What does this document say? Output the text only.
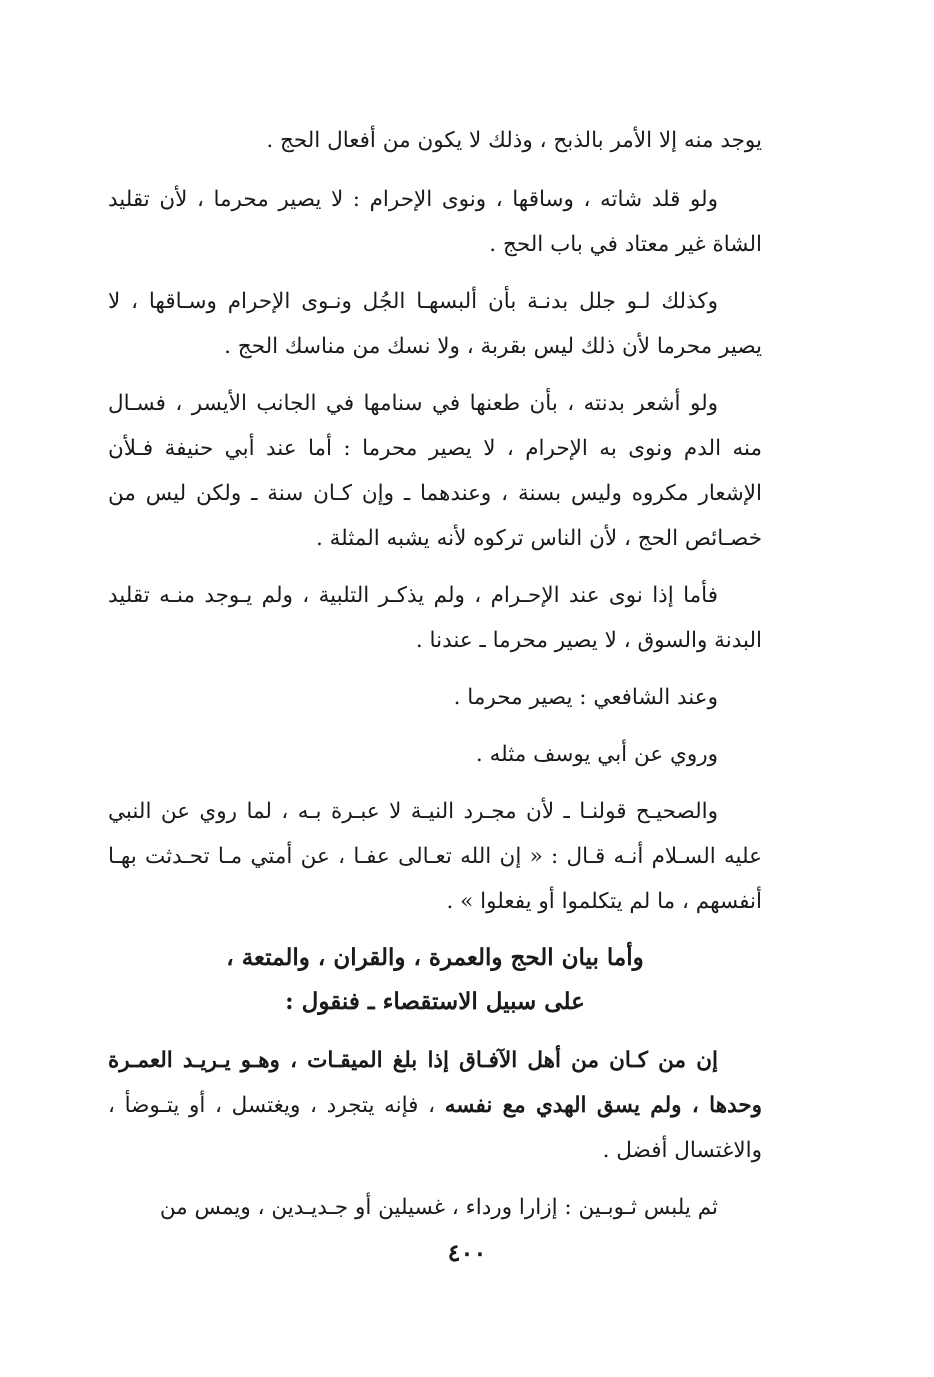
يوجد منه إلا الأمر بالذبح ، وذلك لا يكون من أفعال الحج .

ولو قلد شاته ، وساقها ، ونوى الإحرام : لا يصير محرما ، لأن تقليد الشاة غير معتاد في باب الحج .

وكذلك لـو جلل بدنـة بأن ألبسهـا الجُل ونـوى الإحرام وسـاقها ، لا يصير محرما لأن ذلك ليس بقربة ، ولا نسك من مناسك الحج .

ولو أشعر بدنته ، بأن طعنها في سنامها في الجانب الأيسر ، فسـال منه الدم ونوى به الإحرام ، لا يصير محرما : أما عند أبي حنيفة فـلأن الإشعار مكروه وليس بسنة ، وعندهما ـ وإن كـان سنة ـ ولكن ليس من خصـائص الحج ، لأن الناس تركوه لأنه يشبه المثلة .

فأما إذا نوى عند الإحـرام ، ولم يذكـر التلبية ، ولم يـوجد منـه تقليد البدنة والسوق ، لا يصير محرما ـ عندنا .

وعند الشافعي : يصير محرما .

وروي عن أبي يوسف مثله .

والصحيـح قولنـا ـ لأن مجـرد النيـة لا عبـرة بـه ، لما روي عن النبي عليه السـلام أنـه قـال : « إن الله تعـالى عفـا ، عن أمتي مـا تحـدثت بهـا أنفسهم ، ما لم يتكلموا أو يفعلوا » .

وأما بيان الحج والعمرة ، والقران ، والمتعة ،
على سبيل الاستقصاء ـ فنقول :

إن من كـان من أهل الآفـاق إذا بلغ الميقـات ، وهـو يـريـد العمـرة وحدها ، ولم يسق الهدي مع نفسه ، فإنه يتجرد ، ويغتسل ، أو يتـوضأ ، والاغتسال أفضل .

ثم يلبس ثـوبـين : إزارا ورداء ، غسيلين أو جـديـدين ، ويمس من

٤٠٠
